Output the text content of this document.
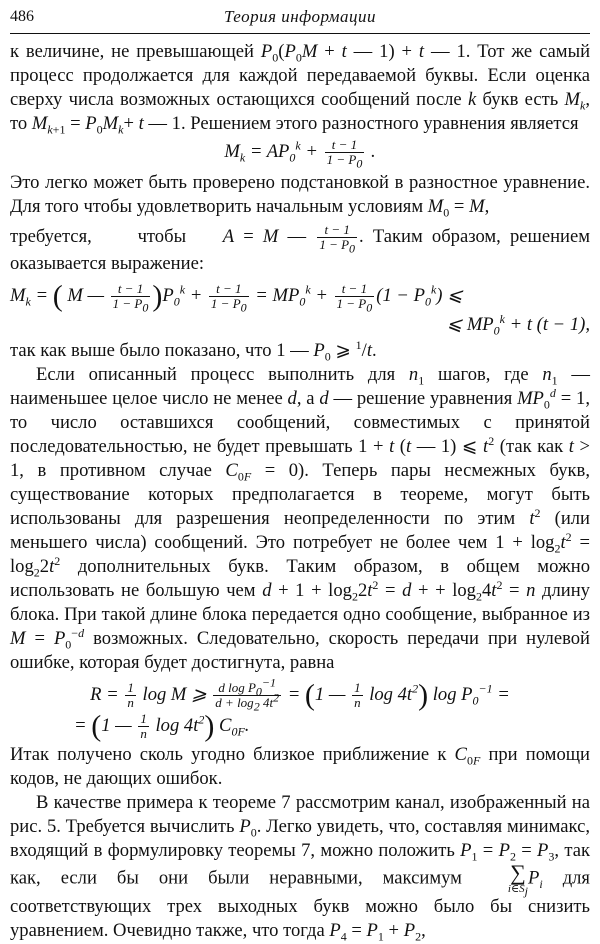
486	Теория информации

к величине, не превышающей $P_0(P_0M + t$ — 1) + t — 1. Тот же самый процесс продолжается для каждой передаваемой буквы. Если оценка сверху числа возможных остающихся сообщений после k букв есть $M_k$, то $M_{k+1} = P_0M_k+ t$ — 1. Решением этого разностного уравнения является

$M_k = AP_0^k + \frac{t - 1}{1 - P_0}$ .

Это легко может быть проверено подстановкой в разностное уравнение. Для того чтобы удовлетворить начальным условиям $M_0 = M$,

требуется, чтобы A = M — $\frac{t - 1}{1 - P_0}$ . Таким образом, решением оказывается выражение:

$M_k$ = ( M — $\frac{t - 1}{1 - P_0} )P_0^k + \frac{t - 1}{1 - P_0} = MP_0^k + \frac{t - 1}{1 - P_0} (1 - P_0^k)$ ⩽
⩽ $MP_0^k + t$ (t − 1),

так как выше было показано, что 1 — $P_0$ ⩾ $^1$/t.

Если описанный процесс выполнить для $n_1$ шагов, где $n_1$ — наименьшее целое число не менее d, а d — решение уравнения $MP_0^d = 1$, то число оставшихся сообщений, совместимых с принятой последовательностью, не будет превышать 1 + t (t — 1) ⩽ $t^2$ (так как t > 1, в противном случае $C_{0F} = 0$). Теперь пары несмежных букв, существование которых предполагается в теореме, могут быть использованы для разрешения неопределенности по этим $t^2$ (или меньшего числа) сообщений. Это потребует не более чем $1 + \log_2t^2 = \log_22t^2$ дополнительных букв. Таким образом, в общем можно использовать не большую чем $d + 1 + \log_22t^2 = d$ + + $\log_24t^2 = n$ длину блока. При такой длине блока передается одно сообщение, выбранное из $M = P_0^{-d}$ возможных. Следовательно, скорость передачи при нулевой ошибке, которая будет достигнута, равна

$R = \frac{1}{n}$ log M ⩾ $\frac{d \log P_0^{-1}}{d + \log_2 4t^2} = (1$ — $\frac{1}{n}$ $\log 4t^2$) $\log P_0^{-1}$ =
= (1 — $\frac{1}{n}$ $\log 4t^2$) $C_{0F}$.

Итак получено сколь угодно близкое приближение к $C_{0F}$ при помощи кодов, не дающих ошибок.

В качестве примера к теореме 7 рассмотрим канал, изображенный на рис. 5. Требуется вычислить $P_0$. Легко увидеть, что, составляя минимакс, входящий в формулировку теоремы 7, можно положить $P_1 = P_2 = P_3$, так как, если бы они были неравными, максимум	∑
$i\in S_j$
$P_i$ для соответствующих трех выходных букв можно было бы снизить уравнением. Очевидно также, что тогда $P_4 = P_1 + P_2$,
